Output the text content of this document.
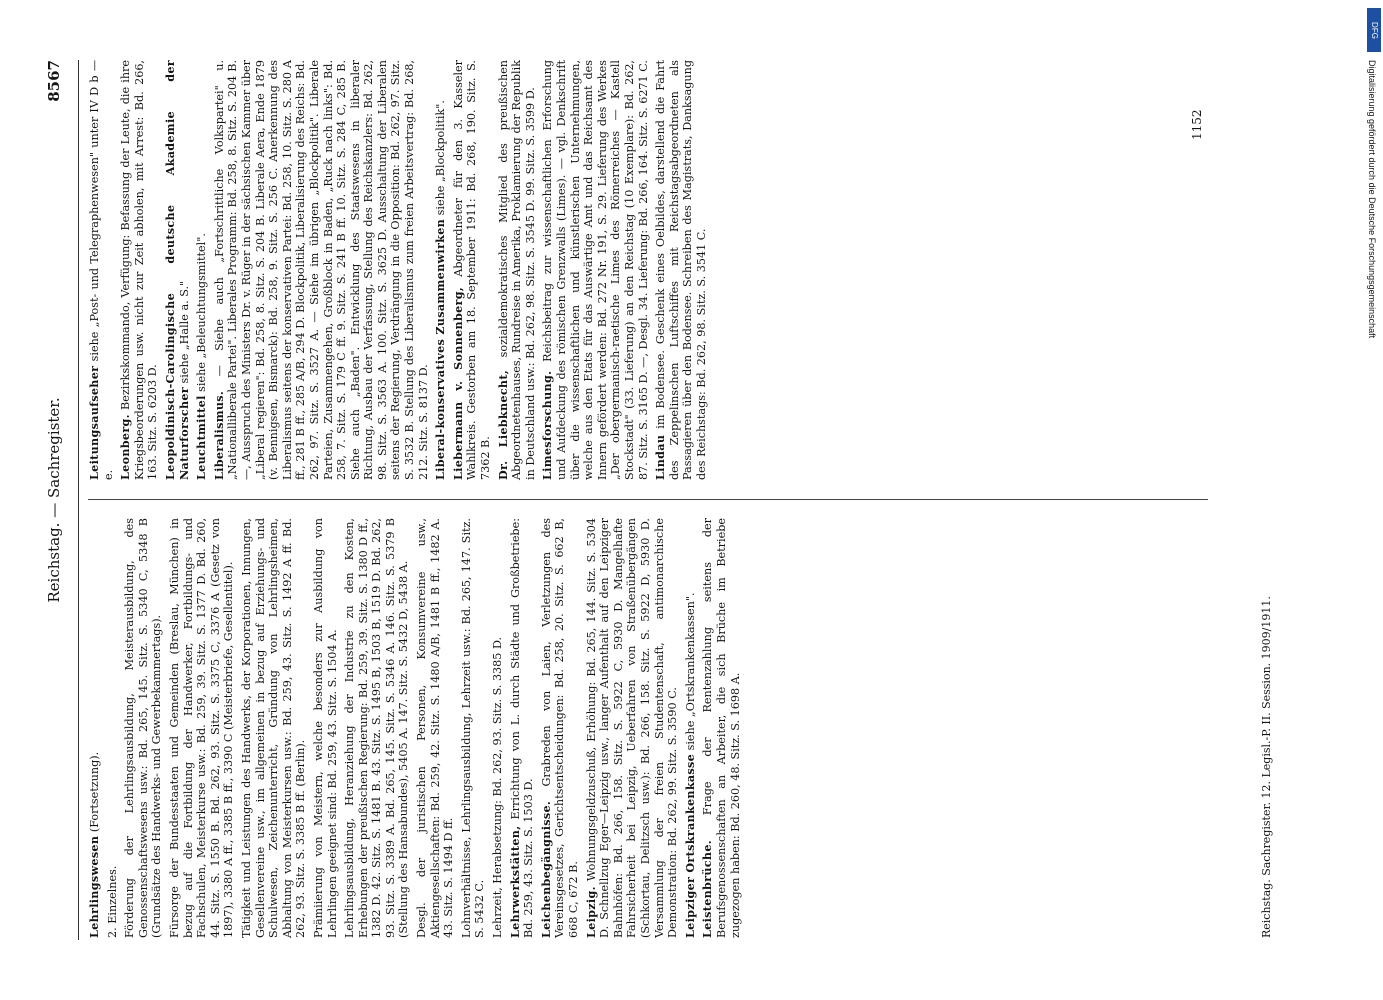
Reichstag. — Sachregister.
8567

Lehrlingswesen (Fortsetzung).

2. Einzelnes. Förderung der Lehrlingsausbildung, Meisterausbildung, des Genossenschaftswesens usw.: Bd. 265, 145. Sitz. S. 5340 C, 5348 B (Grundsätze des Handwerks- und Gewerbekammertags). Fürsorge der Bundesstaaten und Gemeinden (Breslau, München) in bezug auf die Fortbildung der Handwerker, Fortbildungs- und Fachschulen, Meisterkurse usw.: Bd. 259, 39. Sitz. S. 1377 D. Bd. 260, 44. Sitz. S. 1550 B. Bd. 262, 93. Sitz. S. 3375 C, 3376 A (Gesetz von 1897), 3380 A ff., 3385 B ff., 3390 C (Meisterbriefe, Gesellentitel). Tätigkeit und Leistungen des Handwerks, der Korporationen, Innungen, Gesellenvereine usw., im allgemeinen in bezug auf Erziehungs- und Schulwesen, Zeichenunterricht, Gründung von Lehrlingsheimen, Abhaltung von Meisterkursen usw.: Bd. 259, 43. Sitz. S. 1492 A ff. Bd. 262, 93. Sitz. S. 3385 B ff. (Berlin). Prämiierung von Meistern, welche besonders zur Ausbildung von Lehrlingen geeignet sind: Bd. 259, 43. Sitz. S. 1504 A. Lehrlingsausbildung, Heranziehung der Industrie zu den Kosten, Erhebungen der preußischen Regierung: Bd. 259, 39. Sitz. S. 1380 D ff., 1382 D. 42. Sitz. S. 1481 B. 43. Sitz. S. 1495 B, 1503 B, 1519 D. Bd. 262, 93. Sitz. S. 3389 A. Bd. 265, 145. Sitz. S. 5346 A. 146. Sitz. S. 5379 B (Stellung des Hansabundes), 5405 A. 147. Sitz. S. 5432 D, 5438 A. Desgl. der juristischen Personen, Konsumvereine usw., Aktiengesellschaften: Bd. 259, 42. Sitz. S. 1480 A/B, 1481 B ff., 1482 A. 43. Sitz. S. 1494 D ff. Lohnverhältnisse, Lehrlingsausbildung, Lehrzeit usw.: Bd. 265, 147. Sitz. S. 5432 C. Lehrzeit, Herabsetzung: Bd. 262, 93. Sitz. S. 3385 D. Lehrwerkstätten, Errichtung von L. durch Städte und Großbetriebe: Bd. 259, 43. Sitz. S. 1503 D. Leichenbegängnisse. Grabreden von Laien, Verletzungen des Vereinsgesetzes, Gerichtsentscheidungen: Bd. 258, 20. Sitz. S. 662 B, 668 C, 672 B. Leipzig. Wohnungsgeldzuschuß, Erhöhung: Bd. 265, 144. Sitz. S. 5304 D. Schnellzug Eger—Leipzig usw., langer Aufenthalt auf den Leipziger Bahnhöfen: Bd. 266, 158. Sitz. S. 5922 C, 5930 D. Mangelhafte Fahrsicherheit bei Leipzig, Ueberfahren von Straßenübergängen (Schkortau, Delitzsch usw.): Bd. 266, 158. Sitz. S. 5922 D, 5930 D. Versammlung der freien Studentenschaft, antimonarchische Demonstration: Bd. 262, 99. Sitz. S. 3590 C. Leipziger Ortskrankenkasse siehe „Ortskrankenkassen".

Leistenbrüche. Frage der Rentenzahlung seitens der Berufsgenossenschaften an Arbeiter, die sich Brüche im Betriebe zugezogen haben: Bd. 260, 48. Sitz. S. 1698 A.

Leitungsaufseher siehe „Post- und Telegraphenwesen" unter IV D b — e. Leonberg. Bezirkskommando, Verfügung: Befassung der Leute, die ihre Kriegsbeorderungen usw. nicht zur Zeit abholen, mit Arrest: Bd. 266, 163. Sitz. S. 6203 D. Leopoldinisch-Carolingische deutsche Akademie der Naturforscher siehe „Halle a. S."

Leuchtmittel siehe „Beleuchtungsmittel".

Liberalismus. — Siehe auch „Fortschrittliche Volkspartei" u. „Nationalliberale Partei". Liberales Programm: Bd. 258, 8. Sitz. S. 204 B. —, Ausspruch des Ministers Dr. v. Rüger in der sächsischen Kammer über „Liberal regieren": Bd. 258, 8. Sitz. S. 204 B. Liberale Aera, Ende 1879 (v. Bennigsen, Bismarck): Bd. 258, 9. Sitz. S. 256 C. Anerkennung des Liberalismus seitens der konservativen Partei: Bd. 258, 10. Sitz. S. 280 A ff., 281 B ff., 285 A/B, 294 D. Blockpolitik, Liberalisierung des Reichs: Bd. 262, 97. Sitz. S. 3527 A. — Siehe im übrigen „Blockpolitik". Liberale Parteien, Zusammengehen, Großblock in Baden, „Ruck nach links": Bd. 258, 7. Sitz. S. 179 C ff. 9. Sitz. S. 241 B ff. 10. Sitz. S. 284 C, 285 B. Siehe auch „Baden". Entwicklung des Staatswesens in liberaler Richtung, Ausbau der Verfassung, Stellung des Reichskanzlers: Bd. 262, 98. Sitz. S. 3563 A. 100. Sitz. S. 3625 D. Ausschaltung der Liberalen seitens der Regierung, Verdrängung in die Opposition: Bd. 262, 97. Sitz. S. 3532 B. Stellung des Liberalismus zum freien Arbeitsvertrag: Bd. 268, 212. Sitz. S. 8137 D. Liberal-konservatives Zusammenwirken siehe „Blockpolitik".

Liebermann v. Sonnenberg, Abgeordneter für den 3. Kasseler Wahlkreis. Gestorben am 18. September 1911: Bd. 268, 190. Sitz. S. 7362 B. Dr. Liebknecht, sozialdemokratisches Mitglied des preußischen Abgeordnetenhauses, Rundreise in Amerika, Proklamierung der Republik in Deutschland usw.: Bd. 262, 98. Sitz. S. 3545 D. 99. Sitz. S. 3599 D. Limesforschung. Reichsbeitrag zur wissenschaftlichen Erforschung und Aufdeckung des römischen Grenzwalls (Limes). — vgl. Denkschrift über die wissenschaftlichen und künstlerischen Unternehmungen, welche aus den Etats für das Auswärtige Amt und das Reichsamt des Innern gefördert werden: Bd. 272 Nr. 191, S. 29. Lieferung des Werkes „Der obergermanisch-raetische Limes des Römerreiches — Kastell Stockstadt" (33. Lieferung) an den Reichstag (10 Exemplare): Bd. 262, 87. Sitz. S. 3165 D. —, Desgl. 34. Lieferung: Bd. 266, 164. Sitz. S. 6271 C. Lindau im Bodensee. Geschenk eines Oelbildes, darstellend die Fahrt des Zeppelinschen Luftschiffes mit Reichstagsabgeordneten als Passagieren über den Bodensee. Schreiben des Magistrats, Danksagung des Reichstags: Bd. 262, 98. Sitz. S. 3541 C.

1152
Reichstag. Sachregister. 12. Legisl.-P. II. Session. 1909/1911.
DFG
Digitalisierung gefördert durch die Deutsche Forschungsgemeinschaft
